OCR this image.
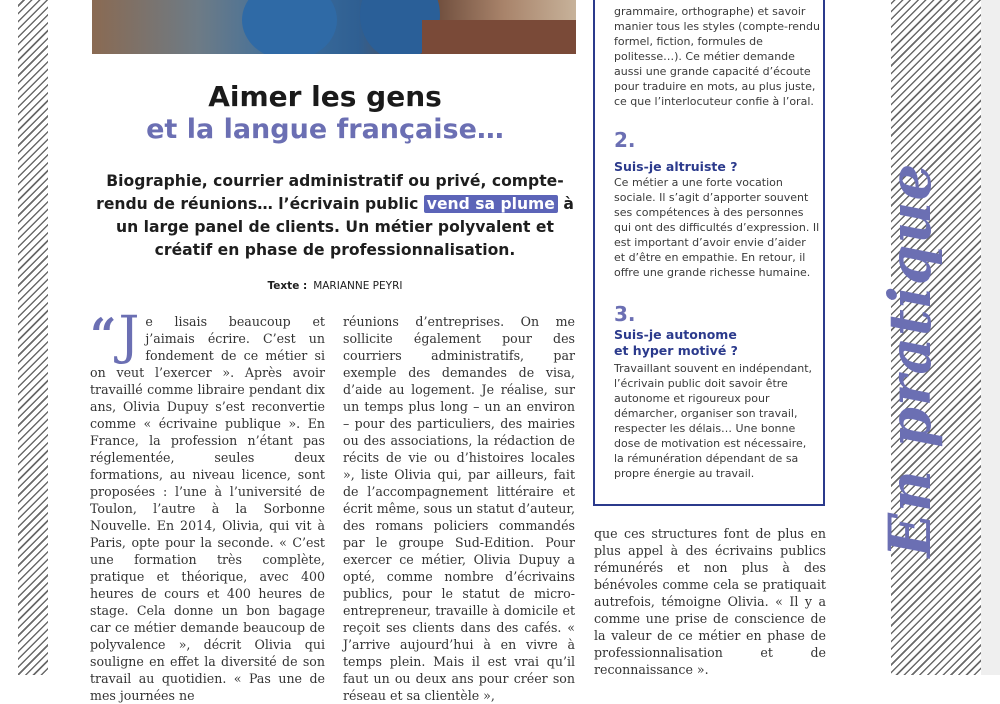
Aimer les gens
et la langue française…

Biographie, courrier administratif ou privé, compte-rendu de réunions… l’écrivain public vend sa plume à un large panel de clients. Un métier polyvalent et créatif en phase de professionnalisation.

Texte : MARIANNE PEYRI

“ J e lisais beaucoup et j’aimais écrire. C’est un fondement de ce métier si on veut l’exercer ». Après avoir travaillé comme libraire pendant dix ans, Olivia Dupuy s’est reconvertie comme « écrivaine publique ». En France, la profession n’étant pas réglementée, seules deux formations, au niveau licence, sont proposées : l’une à l’université de Toulon, l’autre à la Sorbonne Nouvelle. En 2014, Olivia, qui vit à Paris, opte pour la seconde. « C’est une formation très complète, pratique et théorique, avec 400 heures de cours et 400 heures de stage. Cela donne un bon bagage car ce métier demande beaucoup de polyvalence », décrit Olivia qui souligne en effet la diversité de son travail au quotidien. « Pas une de mes journées ne

réunions d’entreprises. On me sollicite également pour des courriers administratifs, par exemple des demandes de visa, d’aide au logement. Je réalise, sur un temps plus long – un an environ – pour des particuliers, des mairies ou des associations, la rédaction de récits de vie ou d’histoires locales », liste Olivia qui, par ailleurs, fait de l’accompagnement littéraire et écrit même, sous un statut d’auteur, des romans policiers commandés par le groupe Sud-Edition. Pour exercer ce métier, Olivia Dupuy a opté, comme nombre d’écrivains publics, pour le statut de micro-entrepreneur, travaille à domicile et reçoit ses clients dans des cafés. « J’arrive aujourd’hui à en vivre à temps plein. Mais il est vrai qu’il faut un ou deux ans pour créer son réseau et sa clientèle »,

que ces structures font de plus en plus appel à des écrivains publics rémunérés et non plus à des bénévoles comme cela se pratiquait autrefois, témoigne Olivia. « Il y a comme une prise de conscience de la valeur de ce métier en phase de professionnalisation et de reconnaissance ».

grammaire, orthographe) et savoir manier tous les styles (compte-rendu formel, fiction, formules de politesse…). Ce métier demande aussi une grande capacité d’écoute pour traduire en mots, au plus juste, ce que l’interlocuteur confie à l’oral.

2.

Suis-je altruiste ?

Ce métier a une forte vocation sociale. Il s’agit d’apporter souvent ses compétences à des personnes qui ont des difficultés d’expression. Il est important d’avoir envie d’aider et d’être en empathie. En retour, il offre une grande richesse humaine.

3.

Suis-je autonome et hyper motivé ?

Travaillant souvent en indépendant, l’écrivain public doit savoir être autonome et rigoureux pour démarcher, organiser son travail, respecter les délais… Une bonne dose de motivation est nécessaire, la rémunération dépendant de sa propre énergie au travail.	En pratique
